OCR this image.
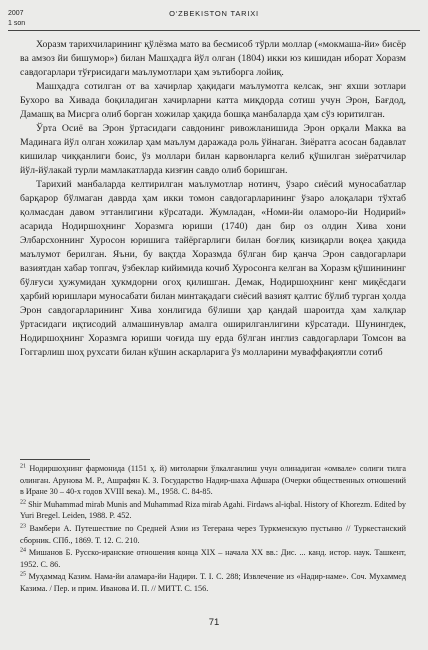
2007
1 son
O‘ZBEKISTON TARIXI

Хоразм тарихчиларининг қўлёзма мато ва бесмисоб тўрли моллар («мокмаша-йи» бисёр ва амзоз йи бишумор») билан Машҳадга йўл олган (1804) икки юз кишидан иборат Хоразм савдогарлари тўғрисидаги маълумотлари ҳам эътиборга лойиқ.

Машҳадга сотилган от ва хачирлар ҳақидаги маълумотга келсак, энг яхши зотлари Бухоро ва Хивада боқиладиган хачирларни катта миқдорда сотиш учун Эрон, Бағдод, Дамашқ ва Мисрга олиб борган хожилар ҳақида бошқа манбаларда ҳам сўз юритилган.

Ўрта Осиё ва Эрон ўртасидаги савдонинг ривожланишида Эрон орқали Макка ва Мадинага йўл олган хожилар ҳам маълум даражада роль ўйнаган. Зиёратга асосан бадавлат кишилар чиққанлиги боис, ўз моллари билан карвонларга келиб қўшилган зиёратчилар йўл-йўлакай турли мамлакатларда кизғин савдо олиб боришган.

Тарихий манбаларда келтирилган маълумотлар нотинч, ўзаро сиёсий муносабатлар барқарор бўлмаган даврда ҳам икки томон савдогарларининг ўзаро алоқалари тўхтаб қолмасдан давом эттанлигини кўрсатади. Жумладан, «Номи-йи оламоро-йи Нодирий» асарида Нодиршоҳнинг Хоразмга юриши (1740) дан бир оз олдин Хива хони Элбарсхоннинг Хуросон юришига тайёргарлиги билан боғлиқ кизиқарли воқеа ҳақида маълумот берилган. Яъни, бу вақтда Хоразмда бўлган бир қанча Эрон савдогарлари вазиятдан хабар топгач, ўзбеклар кийимида кочиб Хуросонга келган ва Хоразм қўшинининг бўлғуси ҳужумидан ҳукмдорни огоҳ қилишган. Демак, Нодиршоҳнинг кенг миқёсдаги ҳарбий юришлари муносабати билан минтақадаги сиёсий вазият қалтис бўлиб турган ҳолда Эрон савдогарларининг Хива хонлигида бўлиши ҳар қандай шароитда ҳам халқлар ўртасидаги иқтисодий алмашинувлар амалга оширилганлигини кўрсатади. Шунингдек, Нодиршоҳнинг Хоразмга юриши чоғида шу ерда бўлган инглиз савдогарлари Томсон ва Гоггарлиш шоҳ рухсати билан кўшин аскарларига ўз молларини муваффақиятли сотиб

$^{21}$ Нодиршоҳнинг фармонида (1151 ҳ. й) митоларни ўлкалганлиш учун олинадиган «омвале» солиги тилга олинган. Арунова М. Р., Ашрафян К. З. Государство Надир-шаха Афшара (Очерки общественных отношений в Иране 30 – 40-х годов XVIII века). М., 1958. С. 84-85.

$^{22}$ Shir Muhammad mirab Munis and Muhammad Riza mirab Agahi. Firdaws al-iqbal. History of Khorezm. Edited by Yuri Bregel. Leiden, 1988. P. 452.

$^{23}$ Вамбери А. Путешествие по Средней Азии из Тегерана через Туркменскую пустыню // Туркестанский сборник. СПб., 1869. Т. 12. С. 210.

$^{24}$ Мишанов Б. Русско-иранские отношения конца XIX – начала XX вв.: Дис. ... канд. истор. наук. Ташкент, 1952. С. 86.

$^{25}$ Муҳаммад Казим. Нама-йи аламара-йи Надири. Т. I. С. 288; Извлечение из «Надир-наме». Соч. Мухаммед Казима. / Пер. и прим. Иванова И. П. // МИТТ. С. 156.

71
